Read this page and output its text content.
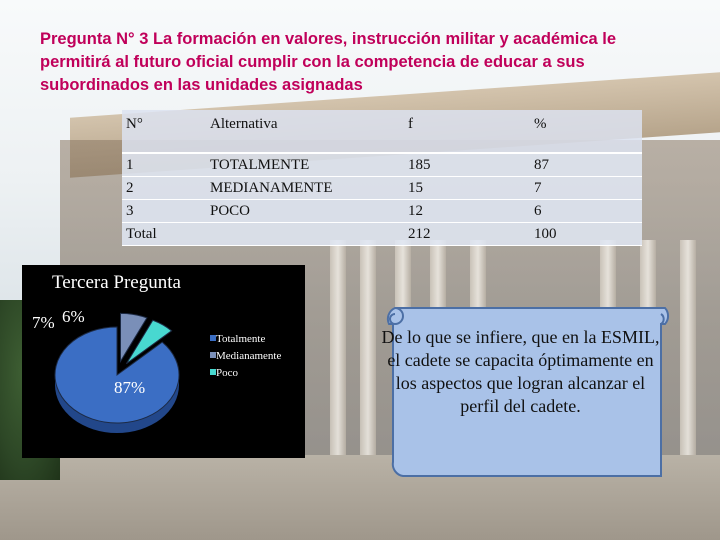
Pregunta N° 3 La formación en valores, instrucción militar y académica le permitirá al futuro oficial cumplir con la competencia de educar a sus subordinados en las unidades asignadas
N°	Alternativa	f	%
1	TOTALMENTE	185	87
2	MEDIANAMENTE	15	7
3	POCO	12	6
Total		212	100
87%
7% 6%
Totalmente
Medianamente
Poco
Tercera Pregunta
De lo que se infiere, que en la ESMIL, el cadete se capacita óptimamente en los aspectos que logran alcanzar el perfil del cadete.
